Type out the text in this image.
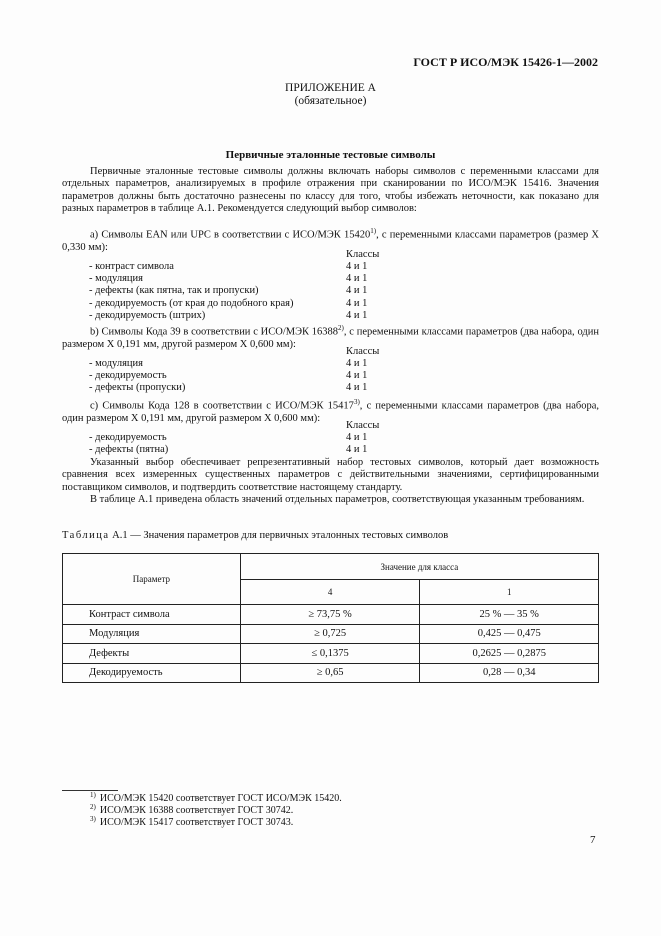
ГОСТ Р ИСО/МЭК 15426-1—2002
ПРИЛОЖЕНИЕ А
(обязательное)
Первичные эталонные тестовые символы
Первичные эталонные тестовые символы должны включать наборы символов с переменными классами для отдельных параметров, анализируемых в профиле отражения при сканировании по ИСО/МЭК 15416. Значения параметров должны быть достаточно разнесены по классу для того, чтобы избежать неточности, как показано для разных параметров в таблице А.1. Рекомендуется следующий выбор символов:
а) Символы EAN или UPC в соответствии с ИСО/МЭК 15420$^{1)}$, с переменными классами параметров (размер X 0,330 мм):
Классы
- контраст символа	4 и 1
- модуляция	4 и 1
- дефекты (как пятна, так и пропуски)	4 и 1
- декодируемость (от края до подобного края)	4 и 1
- декодируемость (штрих)	4 и 1
b) Символы Кода 39 в соответствии с ИСО/МЭК 16388$^{2)}$, с переменными классами параметров (два набора, один размером X 0,191 мм, другой размером X 0,600 мм):
Классы
- модуляция	4 и 1
- декодируемость	4 и 1
- дефекты (пропуски)	4 и 1
с) Символы Кода 128 в соответствии с ИСО/МЭК 15417$^{3)}$, с переменными классами параметров (два набора, один размером X 0,191 мм, другой размером X 0,600 мм):
Классы
- декодируемость	4 и 1
- дефекты (пятна)	4 и 1
Указанный выбор обеспечивает репрезентативный набор тестовых символов, который дает возможность сравнения всех измеренных существенных параметров с действительными значениями, сертифицированными поставщиком символов, и подтвердить соответствие настоящему стандарту.
В таблице А.1 приведена область значений отдельных параметров, соответствующая указанным требованиям.
Таблица А.1 — Значения параметров для первичных эталонных тестовых символов
Параметр	Значение для класса	
	4	1
Контраст символа	≥ 73,75 %	25 % — 35 %
Модуляция	≥ 0,725	0,425 — 0,475
Дефекты	≤ 0,1375	0,2625 — 0,2875
Декодируемость	≥ 0,65	0,28 — 0,34
$^{1)}$ ИСО/МЭК 15420 соответствует ГОСТ ИСО/МЭК 15420.
$^{2)}$ ИСО/МЭК 16388 соответствует ГОСТ 30742.
$^{3)}$ ИСО/МЭК 15417 соответствует ГОСТ 30743.
7
